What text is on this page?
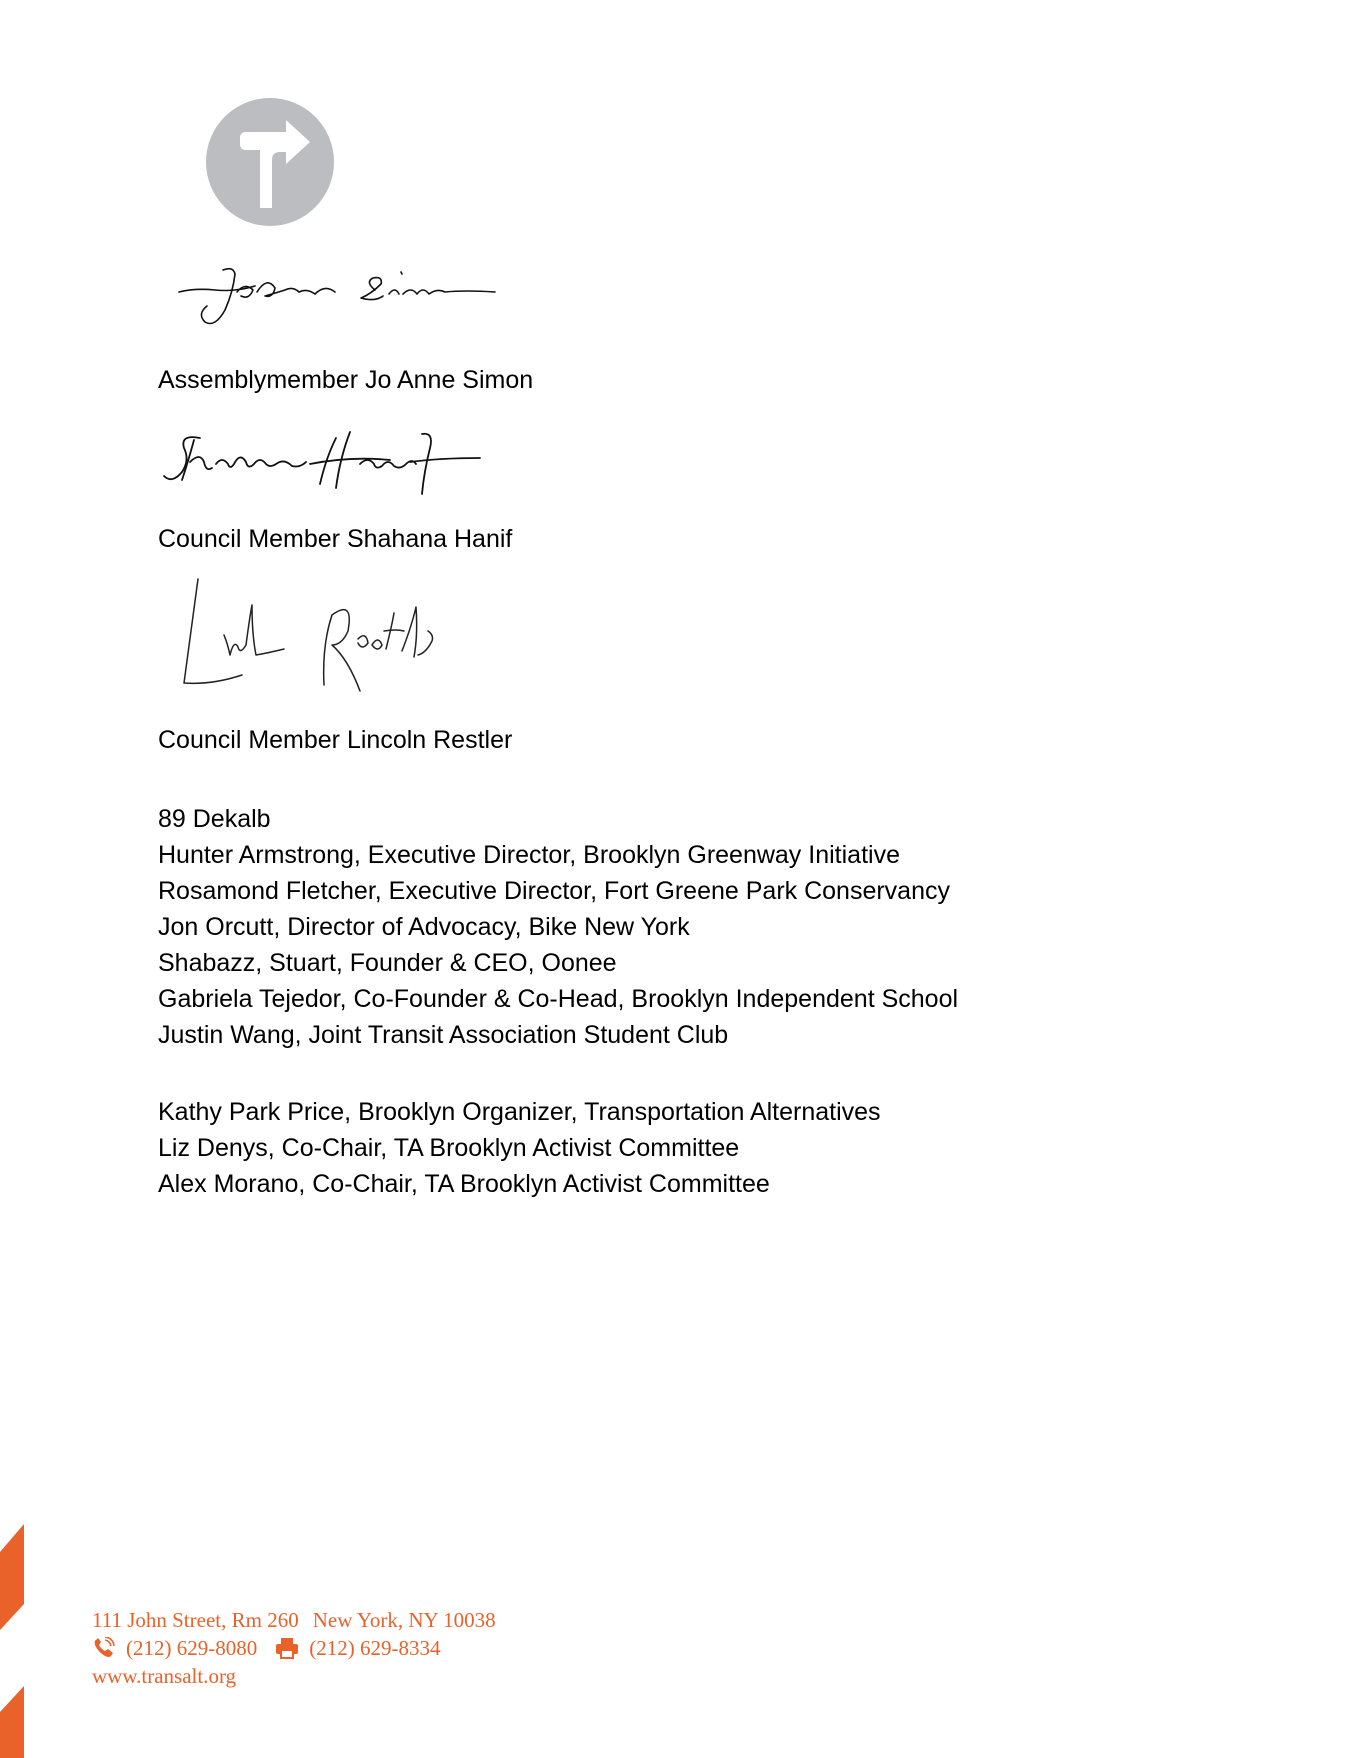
Assemblymember Jo Anne Simon
Council Member Shahana Hanif
Council Member Lincoln Restler
89 Dekalb
Hunter Armstrong, Executive Director, Brooklyn Greenway Initiative
Rosamond Fletcher, Executive Director, Fort Greene Park Conservancy
Jon Orcutt, Director of Advocacy, Bike New York
Shabazz, Stuart, Founder & CEO, Oonee
Gabriela Tejedor, Co-Founder & Co-Head, Brooklyn Independent School
Justin Wang, Joint Transit Association Student Club
Kathy Park Price, Brooklyn Organizer, Transportation Alternatives
Liz Denys, Co-Chair, TA Brooklyn Activist Committee
Alex Morano, Co-Chair, TA Brooklyn Activist Committee
111 John Street, Rm 260 New York, NY 10038
(212) 629-8080 (212) 629-8334
www.transalt.org
